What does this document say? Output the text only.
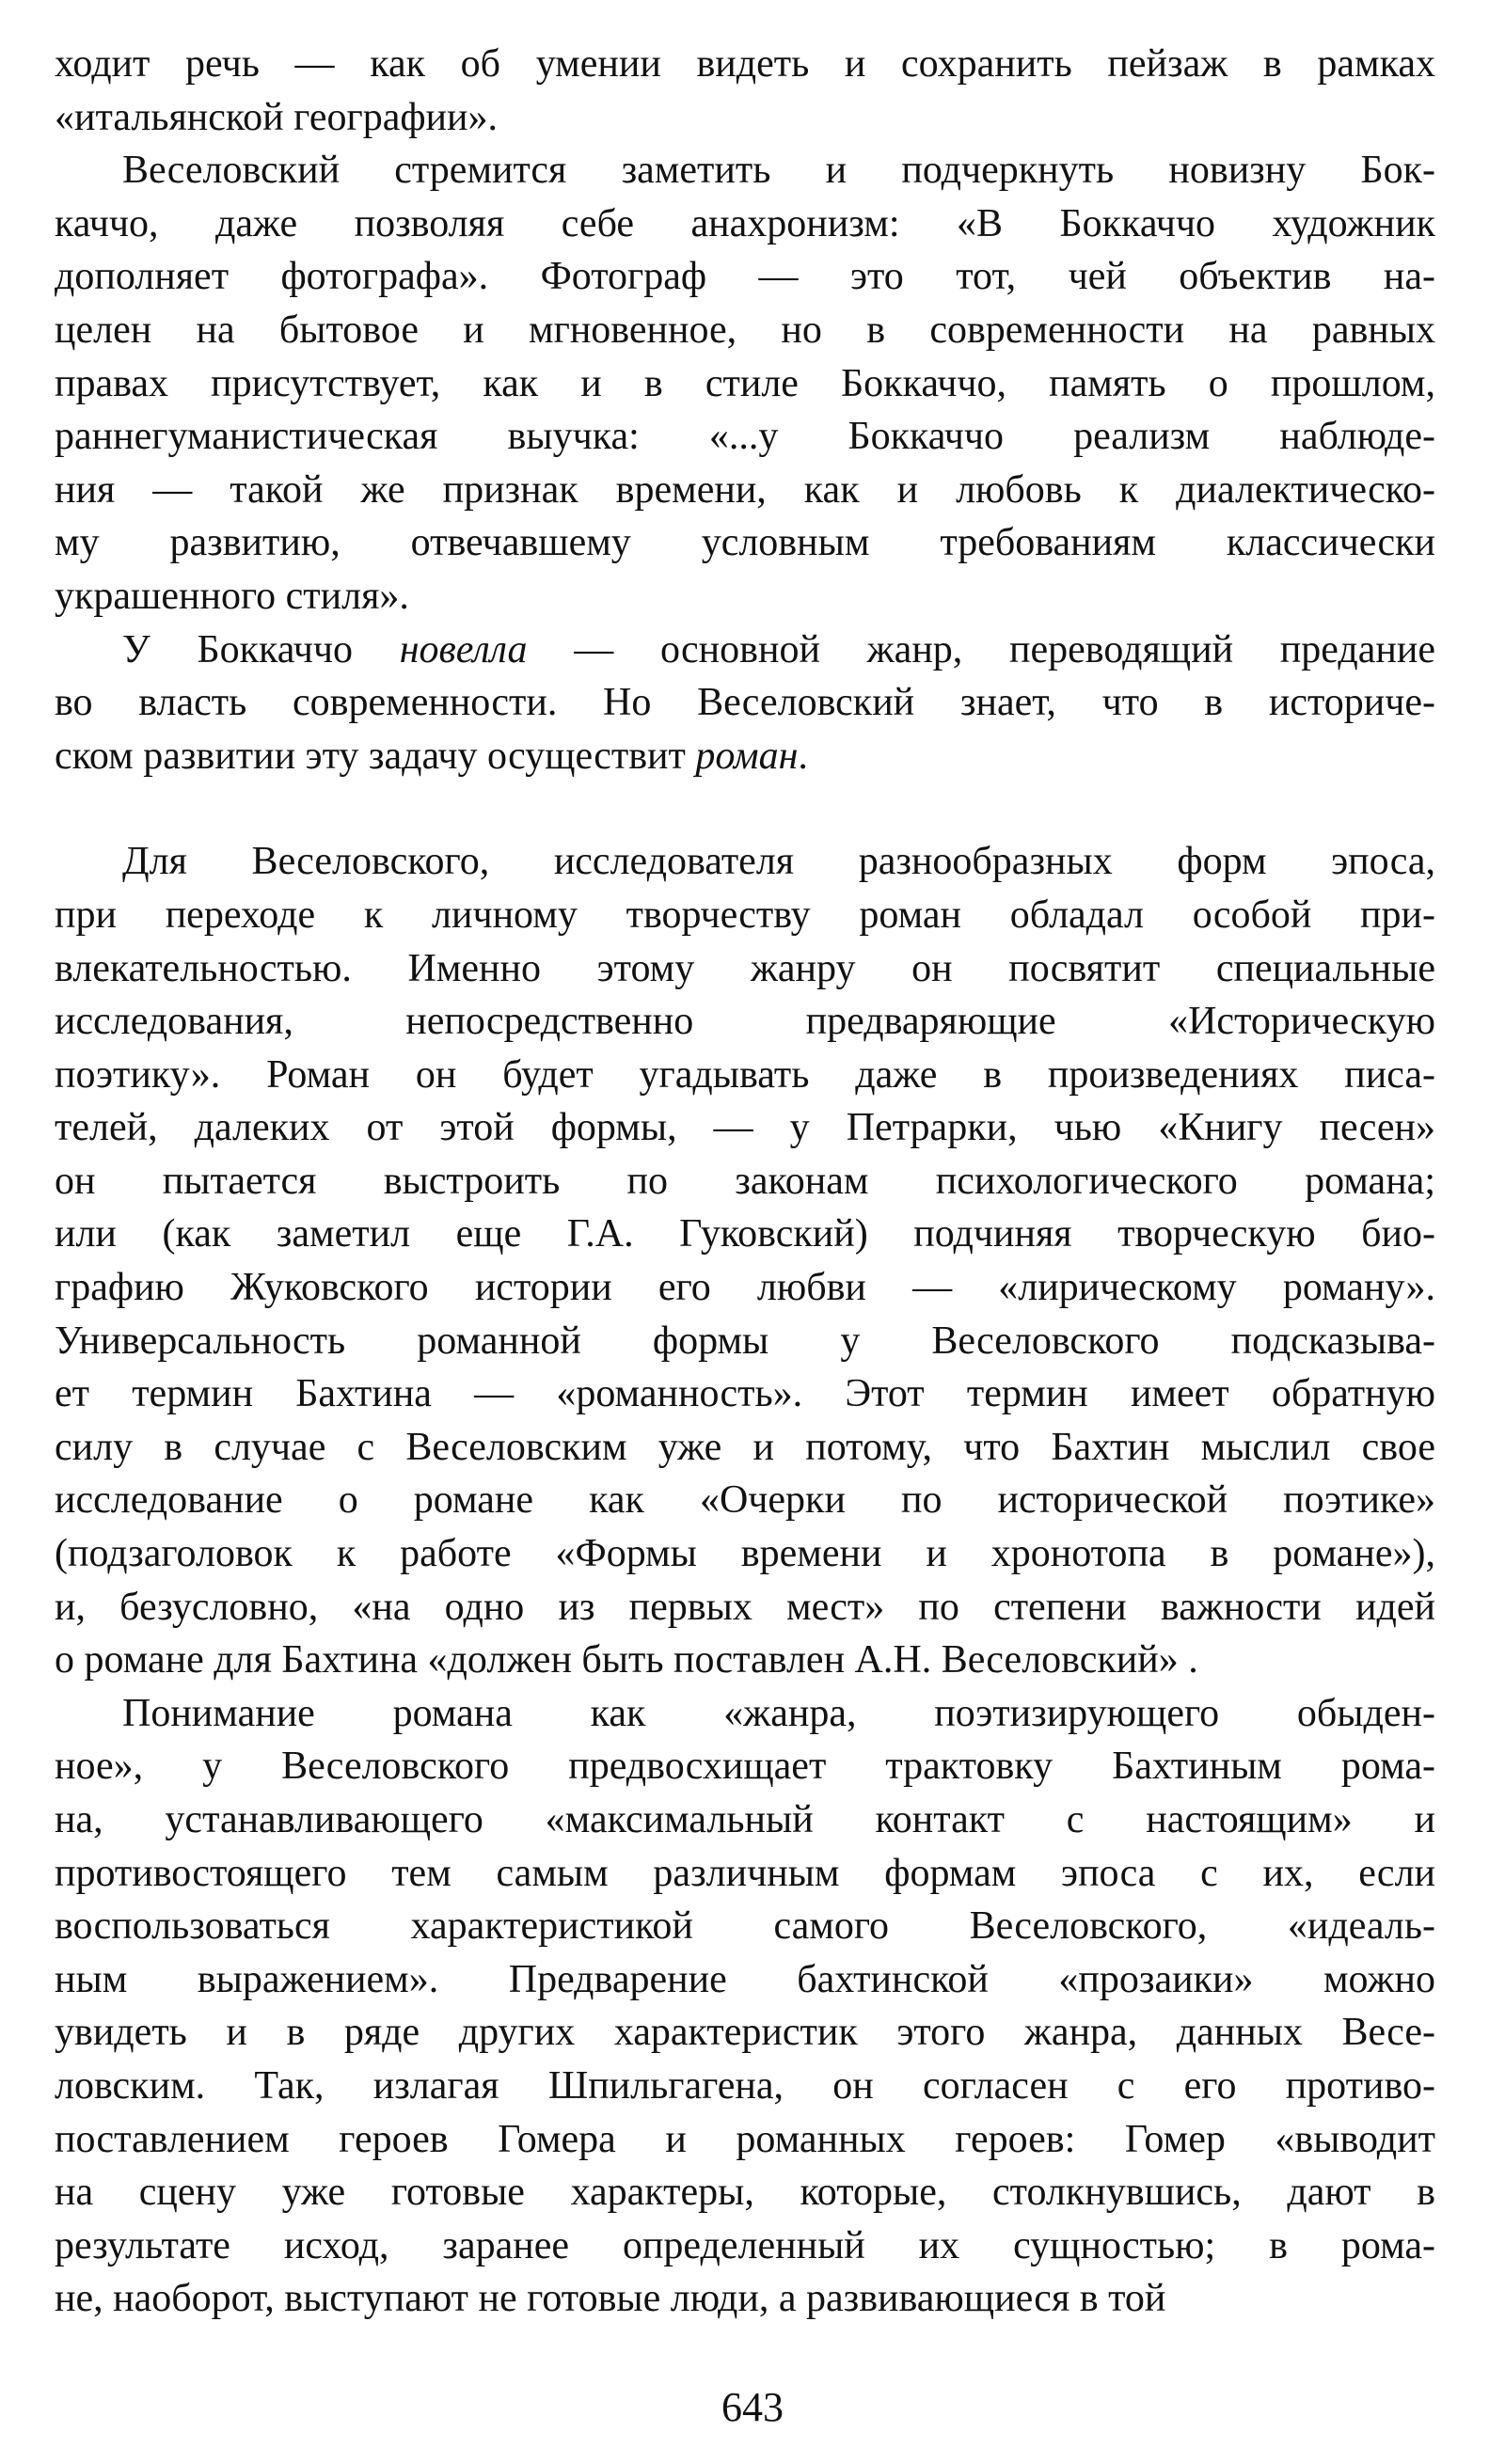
ходит речь — как об умении видеть и сохранить пейзаж в рамках
«итальянской географии».
Веселовский стремится заметить и подчеркнуть новизну Бок-
каччо, даже позволяя себе анахронизм: «В Боккаччо художник
дополняет фотографа». Фотограф — это тот, чей объектив на-
целен на бытовое и мгновенное, но в современности на равных
правах присутствует, как и в стиле Боккаччо, память о прошлом,
раннегуманистическая выучка: «...у Боккаччо реализм наблюде-
ния — такой же признак времени, как и любовь к диалектическо-
му развитию, отвечавшему условным требованиям классически
украшенного стиля».
У Боккаччо новелла — основной жанр, переводящий предание
во власть современности. Но Веселовский знает, что в историче-
ском развитии эту задачу осуществит роман.
Для Веселовского, исследователя разнообразных форм эпоса,
при переходе к личному творчеству роман обладал особой при-
влекательностью. Именно этому жанру он посвятит специальные
исследования, непосредственно предваряющие «Историческую
поэтику». Роман он будет угадывать даже в произведениях писа-
телей, далеких от этой формы, — у Петрарки, чью «Книгу песен»
он пытается выстроить по законам психологического романа;
или (как заметил еще Г.А. Гуковский) подчиняя творческую био-
графию Жуковского истории его любви — «лирическому роману».
Универсальность романной формы у Веселовского подсказыва-
ет термин Бахтина — «романность». Этот термин имеет обратную
силу в случае с Веселовским уже и потому, что Бахтин мыслил свое
исследование о романе как «Очерки по исторической поэтике»
(подзаголовок к работе «Формы времени и хронотопа в романе»),
и, безусловно, «на одно из первых мест» по степени важности идей
о романе для Бахтина «должен быть поставлен А.Н. Веселовский» .
Понимание романа как «жанра, поэтизирующего обыден-
ное», у Веселовского предвосхищает трактовку Бахтиным рома-
на, устанавливающего «максимальный контакт с настоящим» и
противостоящего тем самым различным формам эпоса с их, если
воспользоваться характеристикой самого Веселовского, «идеаль-
ным выражением». Предварение бахтинской «прозаики» можно
увидеть и в ряде других характеристик этого жанра, данных Весе-
ловским. Так, излагая Шпильгагена, он согласен с его противо-
поставлением героев Гомера и романных героев: Гомер «выводит
на сцену уже готовые характеры, которые, столкнувшись, дают в
результате исход, заранее определенный их сущностью; в рома-
не, наоборот, выступают не готовые люди, а развивающиеся в той
643
